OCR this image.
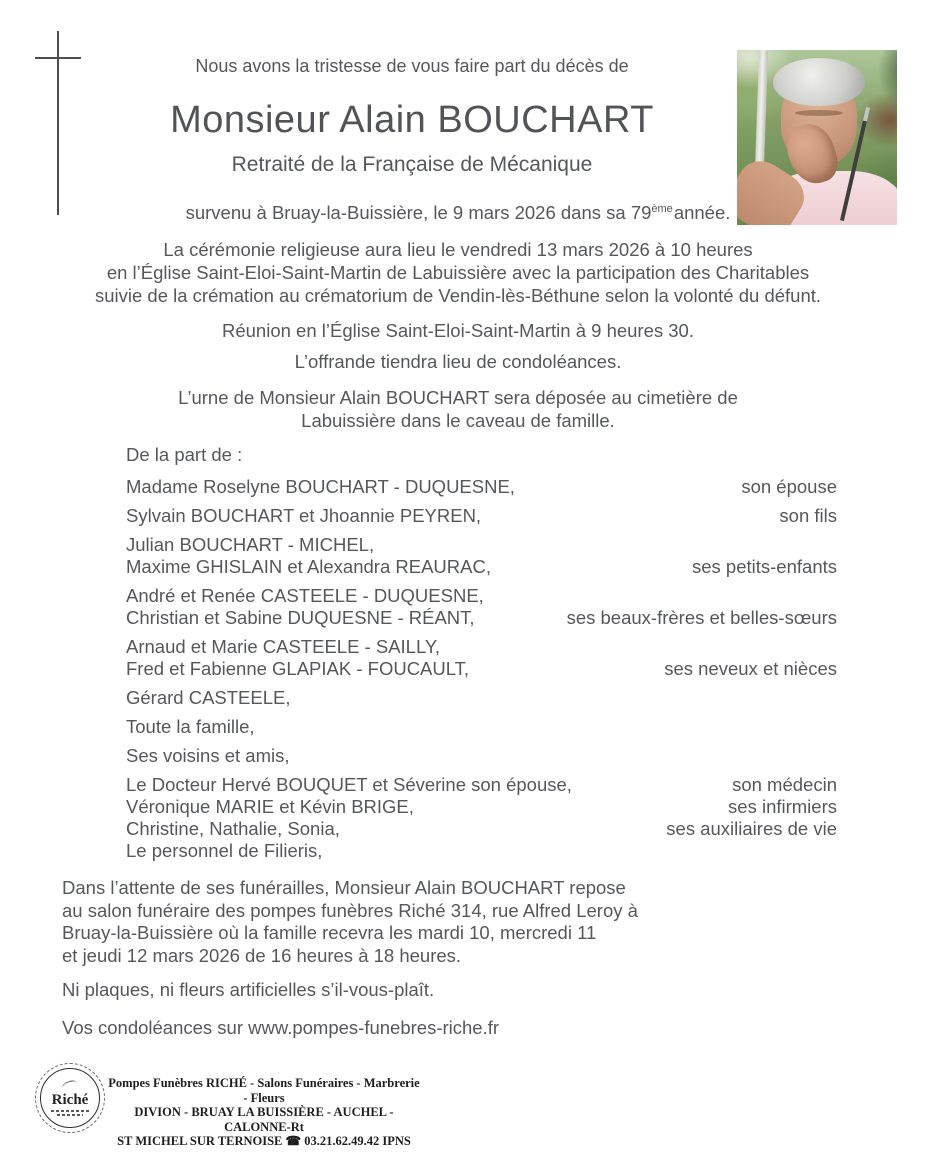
Nous avons la tristesse de vous faire part du décès de
Monsieur Alain BOUCHART
Retraité de la Française de Mécanique
survenu à Bruay-la-Buissière, le 9 mars 2026 dans sa 79èmeannée.
La cérémonie religieuse aura lieu le vendredi 13 mars 2026 à 10 heures
en l’Église Saint-Eloi-Saint-Martin de Labuissière avec la participation des Charitables
suivie de la crémation au crématorium de Vendin-lès-Béthune selon la volonté du défunt.
Réunion en l’Église Saint-Eloi-Saint-Martin à 9 heures 30.
L’offrande tiendra lieu de condoléances.
L’urne de Monsieur Alain BOUCHART sera déposée au cimetière de
Labuissière dans le caveau de famille.
De la part de :
Madame Roselyne BOUCHART - DUQUESNE,	son épouse
Sylvain BOUCHART et Jhoannie PEYREN,	son fils
Julian BOUCHART - MICHEL,
Maxime GHISLAIN et Alexandra REAURAC,	ses petits-enfants
André et Renée CASTEELE - DUQUESNE,
Christian et Sabine DUQUESNE - RÉANT,	ses beaux-frères et belles-sœurs
Arnaud et Marie CASTEELE - SAILLY,
Fred et Fabienne GLAPIAK - FOUCAULT,	ses neveux et nièces
Gérard CASTEELE,
Toute la famille,
Ses voisins et amis,
Le Docteur Hervé BOUQUET et Séverine son épouse,	son médecin
Véronique MARIE et Kévin BRIGE,	ses infirmiers
Christine, Nathalie, Sonia,	ses auxiliaires de vie
Le personnel de Filieris,
Dans l’attente de ses funérailles, Monsieur Alain BOUCHART repose
au salon funéraire des pompes funèbres Riché 314, rue Alfred Leroy à
Bruay-la-Buissière où la famille recevra les mardi 10, mercredi 11
et jeudi 12 mars 2026 de 16 heures à 18 heures.
Ni plaques, ni fleurs artificielles s’il-vous-plaît.
Vos condoléances sur www.pompes-funebres-riche.fr
Riché
Pompes Funèbres RICHÉ - Salons Funéraires - Marbrerie - Fleurs
DIVION - BRUAY LA BUISSIÈRE - AUCHEL - CALONNE-Rt
ST MICHEL SUR TERNOISE ☎ 03.21.62.49.42 IPNS
